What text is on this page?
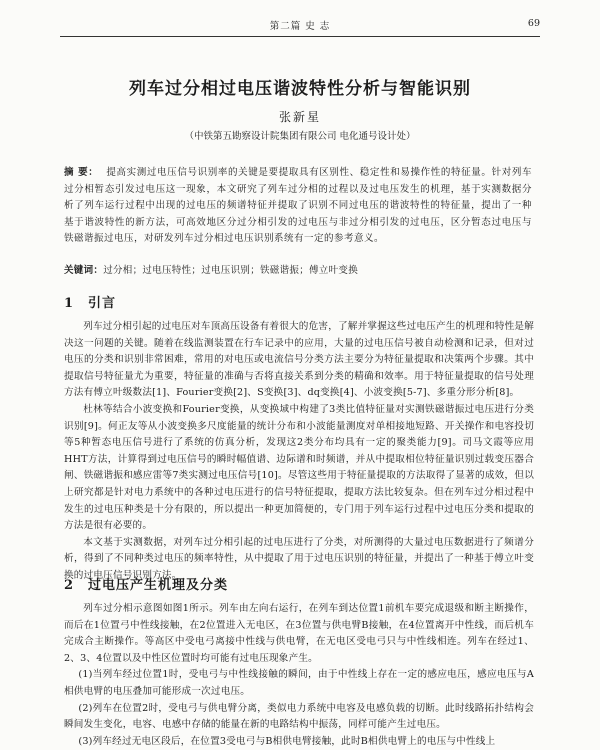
第二篇 史 志	69
列车过分相过电压谐波特性分析与智能识别
张新星
（中铁第五勘察设计院集团有限公司 电化通号设计处）
摘 要： 提高实测过电压信号识别率的关键是要提取具有区别性、稳定性和易操作性的特征量。针对列车过分相暂态引发过电压这一现象，本文研究了列车过分相的过程以及过电压发生的机理，基于实测数据分析了列车运行过程中出现的过电压的频谱特征并提取了识别不同过电压的谐波特性的特征量，提出了一种基于谐波特性的新方法，可高效地区分过分相引发的过电压与非过分相引发的过电压，区分暂态过电压与铁磁谐振过电压，对研发列车过分相过电压识别系统有一定的参考意义。
关键词：过分相；过电压特性；过电压识别；铁磁谐振；傅立叶变换
1 引言

列车过分相引起的过电压对车顶高压设备有着很大的危害，了解并掌握这些过电压产生的机理和特性是解决这一问题的关键。随着在线监测装置在行车记录中的应用，大量的过电压信号被自动检测和记录，但对过电压的分类和识别非常困难，常用的对电压或电流信号分类方法主要分为特征量提取和决策两个步骤。其中提取信号特征量尤为重要，特征量的准确与否将直接关系到分类的精确和效率。用于特征量提取的信号处理方法有傅立叶级数法[1]、Fourier变换[2]、S变换[3]、dq变换[4]、小波变换[5-7]、多重分形分析[8]。

杜林等结合小波变换和Fourier变换，从变换域中构建了3类比值特征量对实测铁磁谐振过电压进行分类识别[9]。何正友等从小波变换多尺度能量的统计分布和小波能量测度对单相接地短路、开关操作和电容投切等5种暂态电压信号进行了系统的仿真分析，发现这2类分布均具有一定的聚类能力[9]。司马文霞等应用HHT方法，计算得到过电压信号的瞬时幅值谱、边际谱和时频谱，并从中提取相位特征量识别过载变压器合闸、铁磁谐振和感应雷等7类实测过电压信号[10]。尽管这些用于特征量提取的方法取得了显著的成效，但以上研究都是针对电力系统中的各种过电压进行的信号特征提取，提取方法比较复杂。但在列车过分相过程中发生的过电压种类是十分有限的，所以提出一种更加简便的，专门用于列车运行过程中过电压分类和提取的方法是很有必要的。

本文基于实测数据，对列车过分相引起的过电压进行了分类，对所测得的大量过电压数据进行了频谱分析，得到了不同种类过电压的频率特性，从中提取了用于过电压识别的特征量，并提出了一种基于傅立叶变换的过电压信号识别方法。

2 过电压产生机理及分类

列车过分相示意图如图1所示。列车由左向右运行，在列车到达位置1前机车要完成退级和断主断操作，而后在1位置弓中性线接触，在2位置进入无电区，在3位置与供电臂B接触，在4位置离开中性线，而后机车完成合主断操作。等高区中受电弓离接中性线与供电臂，在无电区受电弓只与中性线相连。列车在经过1、2、3、4位置以及中性区位置时均可能有过电压现象产生。

(1)当列车经过位置1时，受电弓与中性线接触的瞬间，由于中性线上存在一定的感应电压，感应电压与A相供电臂的电压叠加可能形成一次过电压。

(2)列车在位置2时，受电弓与供电臂分离，类似电力系统中电容及电感负载的切断。此时线路拓扑结构会瞬间发生变化，电容、电感中存储的能量在新的电路结构中振荡，同样可能产生过电压。

(3)列车经过无电区段后，在位置3受电弓与B相供电臂接触，此时B相供电臂上的电压与中性线上
